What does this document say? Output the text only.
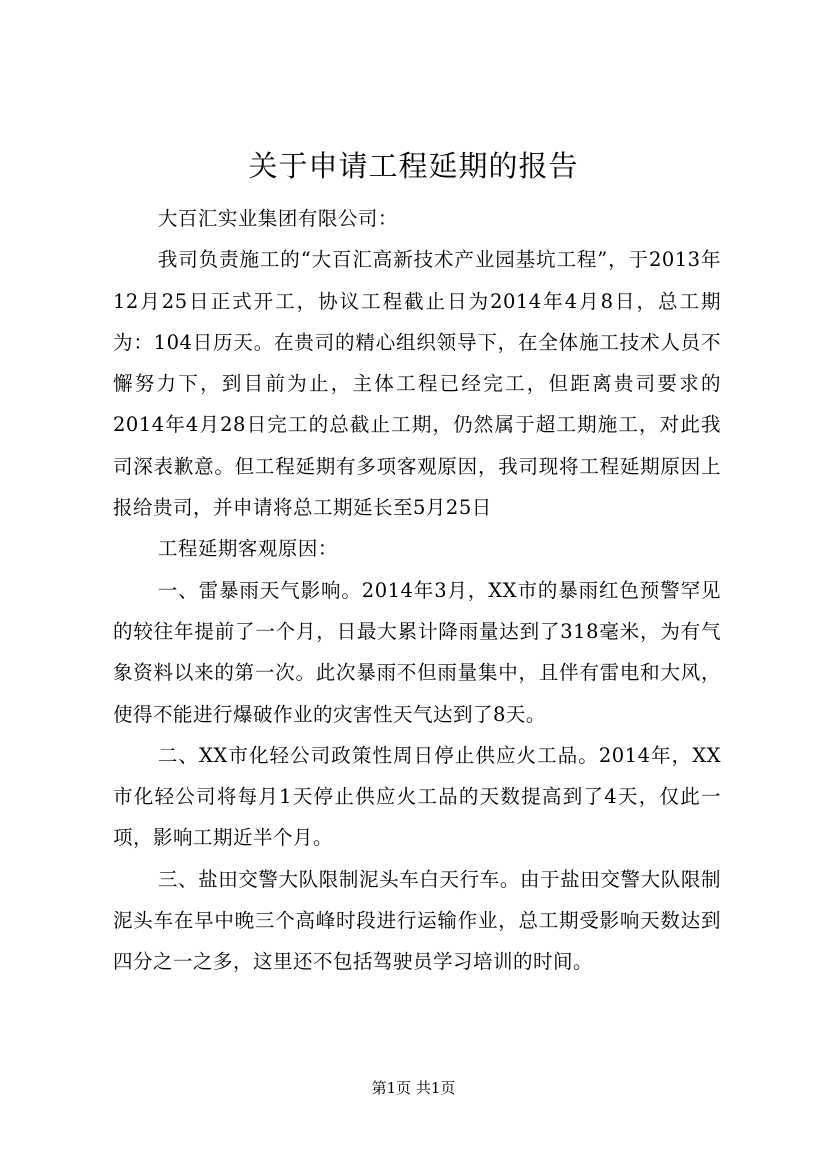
关于申请工程延期的报告

大百汇实业集团有限公司：

我司负责施工的“大百汇高新技术产业园基坑工程”，于2013年12月25日正式开工，协议工程截止日为2014年4月8日，总工期为：104日历天。在贵司的精心组织领导下，在全体施工技术人员不懈努力下，到目前为止，主体工程已经完工，但距离贵司要求的2014年4月28日完工的总截止工期，仍然属于超工期施工，对此我司深表歉意。但工程延期有多项客观原因，我司现将工程延期原因上报给贵司，并申请将总工期延长至5月25日

工程延期客观原因：

一、雷暴雨天气影响。2014年3月，XX市的暴雨红色预警罕见的较往年提前了一个月，日最大累计降雨量达到了318毫米，为有气象资料以来的第一次。此次暴雨不但雨量集中，且伴有雷电和大风，使得不能进行爆破作业的灾害性天气达到了8天。

二、XX市化轻公司政策性周日停止供应火工品。2014年，XX市化轻公司将每月1天停止供应火工品的天数提高到了4天，仅此一项，影响工期近半个月。

三、盐田交警大队限制泥头车白天行车。由于盐田交警大队限制泥头车在早中晚三个高峰时段进行运输作业，总工期受影响天数达到四分之一之多，这里还不包括驾驶员学习培训的时间。

第1页 共1页
